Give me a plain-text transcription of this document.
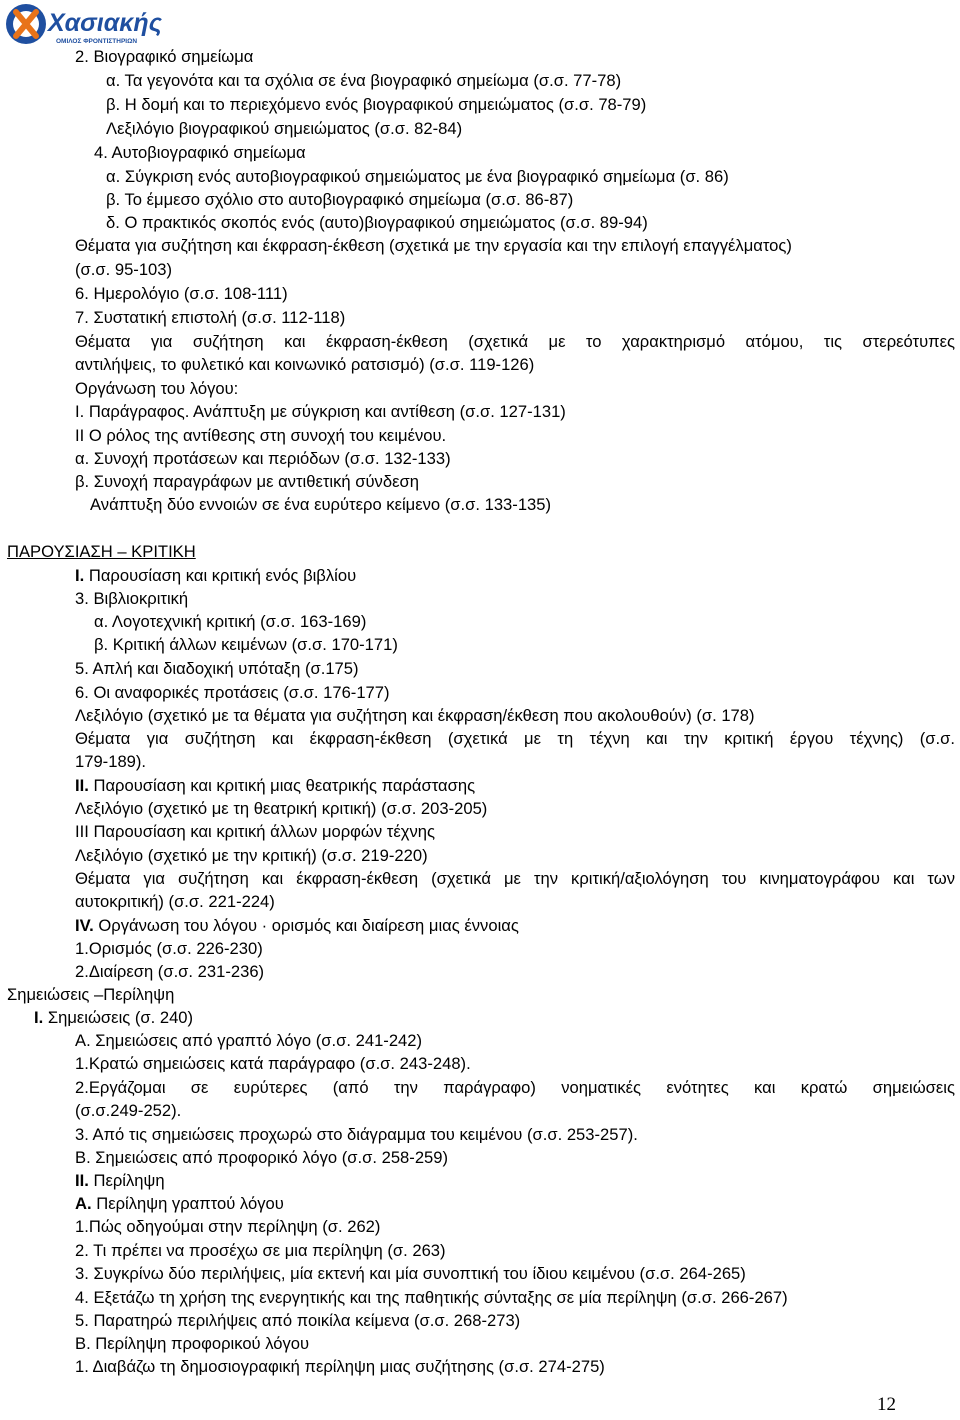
Χασιακής
ΟΜΙΛΟΣ ΦΡΟΝΤΙΣΤΗΡΙΩΝ
2. Βιογραφικό σημείωμα
α. Τα γεγονότα και τα σχόλια σε ένα βιογραφικό σημείωμα (σ.σ. 77-78)
β. Η δομή και το περιεχόμενο ενός βιογραφικού σημειώματος (σ.σ. 78-79)
Λεξιλόγιο βιογραφικού σημειώματος (σ.σ. 82-84)
4. Αυτοβιογραφικό σημείωμα
α. Σύγκριση ενός αυτοβιογραφικού σημειώματος με ένα βιογραφικό σημείωμα (σ. 86)
β. Το έμμεσο σχόλιο στο αυτοβιογραφικό σημείωμα (σ.σ. 86-87)
δ. Ο πρακτικός σκοπός ενός (αυτο)βιογραφικού σημειώματος (σ.σ. 89-94)
Θέματα για συζήτηση και έκφραση-έκθεση (σχετικά με την εργασία και την επιλογή επαγγέλματος)
(σ.σ. 95-103)
6. Ημερολόγιο (σ.σ. 108-111)
7. Συστατική επιστολή (σ.σ. 112-118)
Θέματα για συζήτηση και έκφραση-έκθεση (σχετικά με το χαρακτηρισμό ατόμου, τις στερεότυπες
αντιλήψεις, το φυλετικό και κοινωνικό ρατσισμό) (σ.σ. 119-126)
Οργάνωση του λόγου:
Ι. Παράγραφος. Ανάπτυξη με σύγκριση και αντίθεση (σ.σ. 127-131)
ΙΙ Ο ρόλος της αντίθεσης στη συνοχή του κειμένου.
α. Συνοχή προτάσεων και περιόδων (σ.σ. 132-133)
β. Συνοχή παραγράφων με αντιθετική σύνδεση
Ανάπτυξη δύο εννοιών σε ένα ευρύτερο κείμενο (σ.σ. 133-135)
ΠΑΡΟΥΣΙΑΣΗ – ΚΡΙΤΙΚΗ
Ι. Παρουσίαση και κριτική ενός βιβλίου
3. Βιβλιοκριτική
α. Λογοτεχνική κριτική (σ.σ. 163-169)
β. Κριτική άλλων κειμένων (σ.σ. 170-171)
5. Απλή και διαδοχική υπόταξη (σ.175)
6. Οι αναφορικές προτάσεις (σ.σ. 176-177)
Λεξιλόγιο (σχετικό με τα θέματα για συζήτηση και έκφραση/έκθεση που ακολουθούν) (σ. 178)
Θέματα για συζήτηση και έκφραση-έκθεση (σχετικά με τη τέχνη και την κριτική έργου τέχνης) (σ.σ.
179-189).
ΙΙ. Παρουσίαση και κριτική μιας θεατρικής παράστασης
Λεξιλόγιο (σχετικό με τη θεατρική κριτική) (σ.σ. 203-205)
ΙΙΙ Παρουσίαση και κριτική άλλων μορφών τέχνης
Λεξιλόγιο (σχετικό με την κριτική) (σ.σ. 219-220)
Θέματα για συζήτηση και έκφραση-έκθεση (σχετικά με την κριτική/αξιολόγηση του κινηματογράφου και των
αυτοκριτική) (σ.σ. 221-224)
IV. Οργάνωση του λόγου · ορισμός και διαίρεση μιας έννοιας
1.Ορισμός (σ.σ. 226-230)
2.Διαίρεση (σ.σ. 231-236)
Σημειώσεις –Περίληψη
Ι. Σημειώσεις (σ. 240)
Α. Σημειώσεις από γραπτό λόγο (σ.σ. 241-242)
1.Κρατώ σημειώσεις κατά παράγραφο (σ.σ. 243-248).
2.Εργάζομαι σε ευρύτερες (από την παράγραφο) νοηματικές ενότητες και κρατώ σημειώσεις
(σ.σ.249-252).
3. Από τις σημειώσεις προχωρώ στο διάγραμμα του κειμένου (σ.σ. 253-257).
Β. Σημειώσεις από προφορικό λόγο (σ.σ. 258-259)
ΙΙ. Περίληψη
Α. Περίληψη γραπτού λόγου
1.Πώς οδηγούμαι στην περίληψη (σ. 262)
2. Τι πρέπει να προσέχω σε μια περίληψη (σ. 263)
3. Συγκρίνω δύο περιλήψεις, μία εκτενή και μία συνοπτική του ίδιου κειμένου (σ.σ. 264-265)
4. Εξετάζω τη χρήση της ενεργητικής και της παθητικής σύνταξης σε μία περίληψη (σ.σ. 266-267)
5. Παρατηρώ περιλήψεις από ποικίλα κείμενα (σ.σ. 268-273)
Β. Περίληψη προφορικού λόγου
1. Διαβάζω τη δημοσιογραφική περίληψη μιας συζήτησης (σ.σ. 274-275)
12
